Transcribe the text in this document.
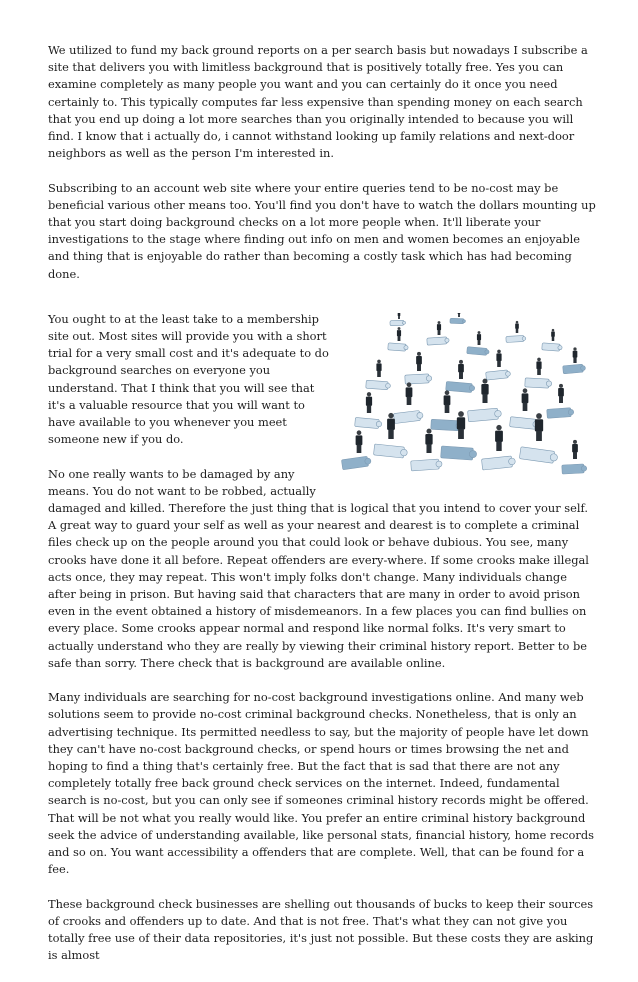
We utilized to fund my back ground reports on a per search basis but nowadays I subscribe a site that delivers you with limitless background that is positively totally free. Yes you can examine completely as many people you want and you can certainly do it once you need certainly to. This typically computes far less expensive than spending money on each search that you end up doing a lot more searches than you originally intended to because you will find. I know that i actually do, i cannot withstand looking up family relations and next-door neighbors as well as the person I'm interested in.

Subscribing to an account web site where your entire queries tend to be no-cost may be beneficial various other means too. You'll find you don't have to watch the dollars mounting up that you start doing background checks on a lot more people when. It'll liberate your investigations to the stage where finding out info on men and women becomes an enjoyable and thing that is enjoyable do rather than becoming a costly task which has had becoming done.

You ought to at the least take to a membership site out. Most sites will provide you with a short trial for a very small cost and it's adequate to do background searches on everyone you understand. That I think that you will see that it's a valuable resource that you will want to have available to you whenever you meet someone new if you do.

No one really wants to be damaged by any means. You do not want to be robbed, actually damaged and killed. Therefore the just thing that is logical that you intend to cover your self. A great way to guard your self as well as your nearest and dearest is to complete a criminal files check up on the people around you that could look or behave dubious. You see, many crooks have done it all before. Repeat offenders are every-where. If some crooks make illegal acts once, they may repeat. This won't imply folks don't change. Many individuals change after being in prison. But having said that characters that are many in order to avoid prison even in the event obtained a history of misdemeanors. In a few places you can find bullies on every place. Some crooks appear normal and respond like normal folks. It's very smart to actually understand who they are really by viewing their criminal history report. Better to be safe than sorry. There check that is background are available online.

Many individuals are searching for no-cost background investigations online. And many web solutions seem to provide no-cost criminal background checks. Nonetheless, that is only an advertising technique. Its permitted needless to say, but the majority of people have let down they can't have no-cost background checks, or spend hours or times browsing the net and hoping to find a thing that's certainly free. But the fact that is sad that there are not any completely totally free back ground check services on the internet. Indeed, fundamental search is no-cost, but you can only see if someones criminal history records might be offered. That will be not what you really would like. You prefer an entire criminal history background seek the advice of understanding available, like personal stats, financial history, home records and so on. You want accessibility a offenders that are complete. Well, that can be found for a fee.

These background check businesses are shelling out thousands of bucks to keep their sources of crooks and offenders up to date. And that is not free. That's what they can not give you totally free use of their data repositories, it's just not possible. But these costs they are asking is almost
